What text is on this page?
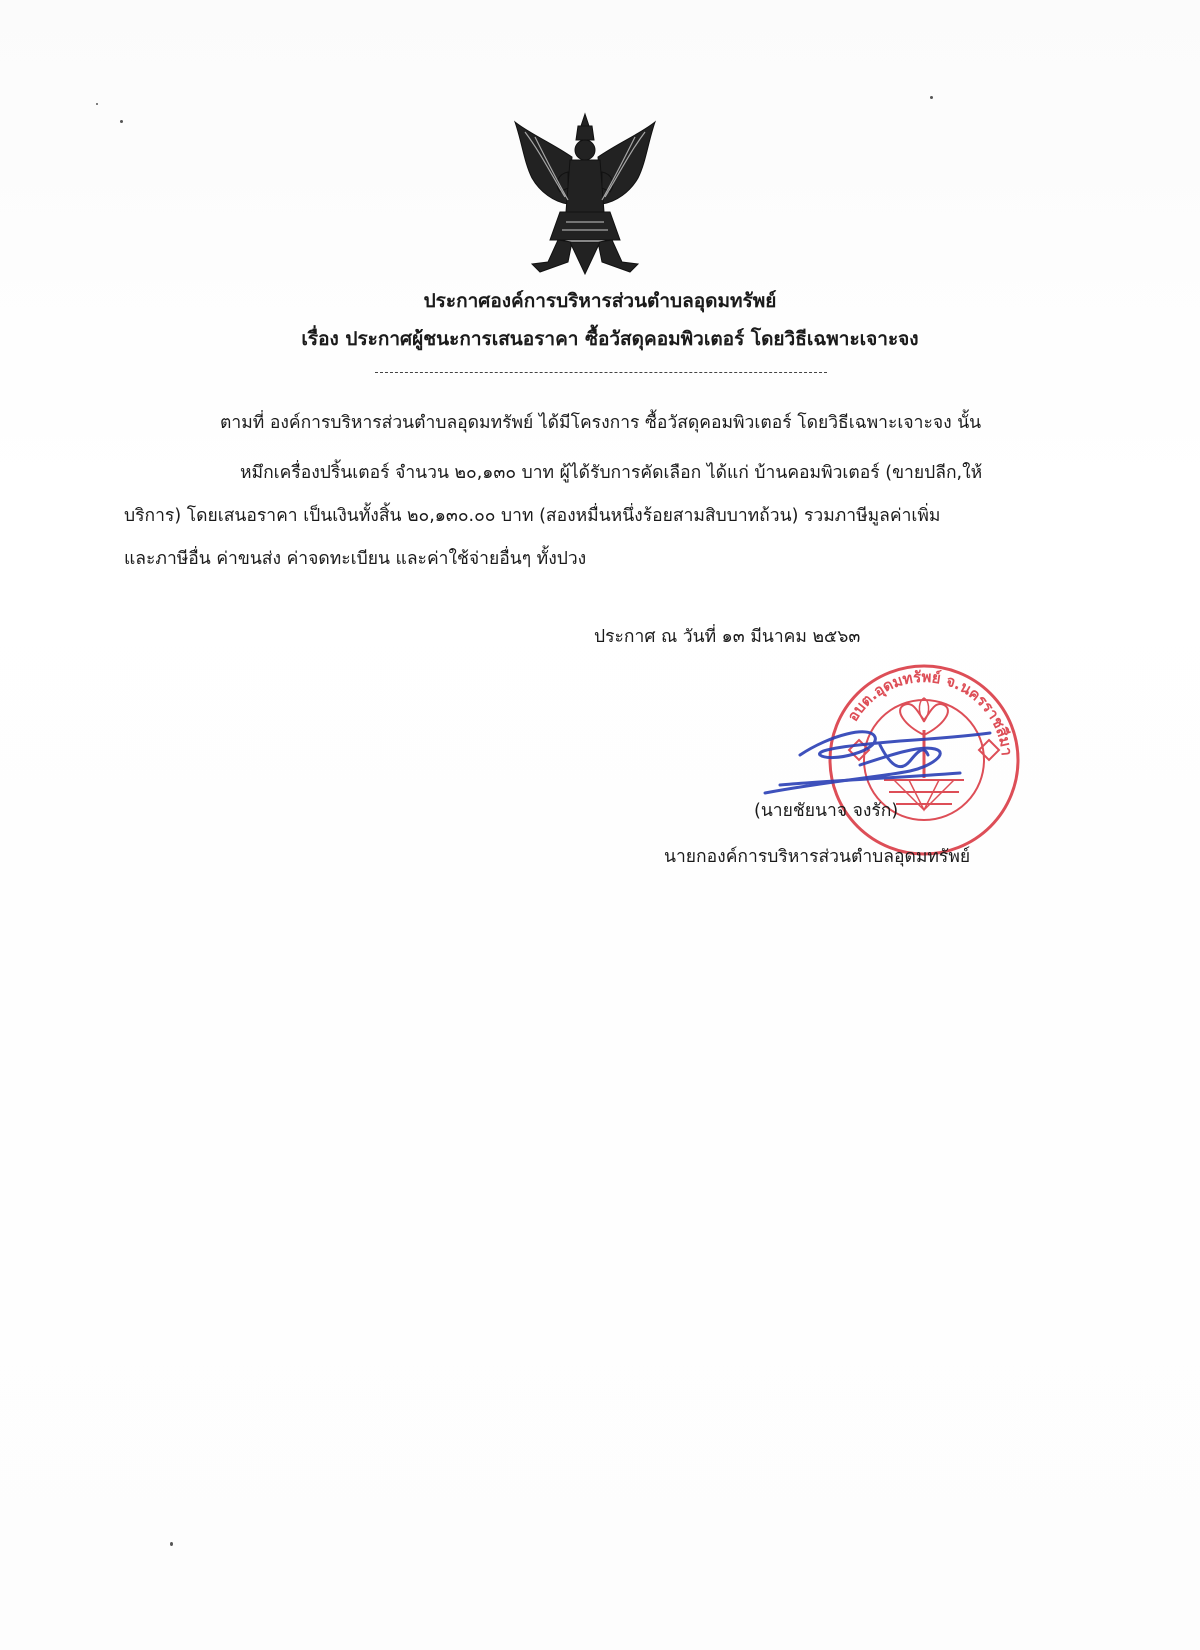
ประกาศองค์การบริหารส่วนตำบลอุดมทรัพย์
เรื่อง ประกาศผู้ชนะการเสนอราคา ซื้อวัสดุคอมพิวเตอร์ โดยวิธีเฉพาะเจาะจง
ตามที่ องค์การบริหารส่วนตำบลอุดมทรัพย์ ได้มีโครงการ ซื้อวัสดุคอมพิวเตอร์ โดยวิธีเฉพาะเจาะจง นั้น
หมึกเครื่องปริ้นเตอร์ จำนวน ๒๐,๑๓๐ บาท ผู้ได้รับการคัดเลือก ได้แก่ บ้านคอมพิวเตอร์ (ขายปลีก,ให้
บริการ) โดยเสนอราคา เป็นเงินทั้งสิ้น ๒๐,๑๓๐.๐๐ บาท (สองหมื่นหนึ่งร้อยสามสิบบาทถ้วน) รวมภาษีมูลค่าเพิ่ม
และภาษีอื่น ค่าขนส่ง ค่าจดทะเบียน และค่าใช้จ่ายอื่นๆ ทั้งปวง
ประกาศ ณ วันที่ ๑๓ มีนาคม ๒๕๖๓
อบต.อุดมทรัพย์ จ.นครราชสีมา
(นายชัยนาจ จงรัก)
นายกองค์การบริหารส่วนตำบลอุดมทรัพย์
